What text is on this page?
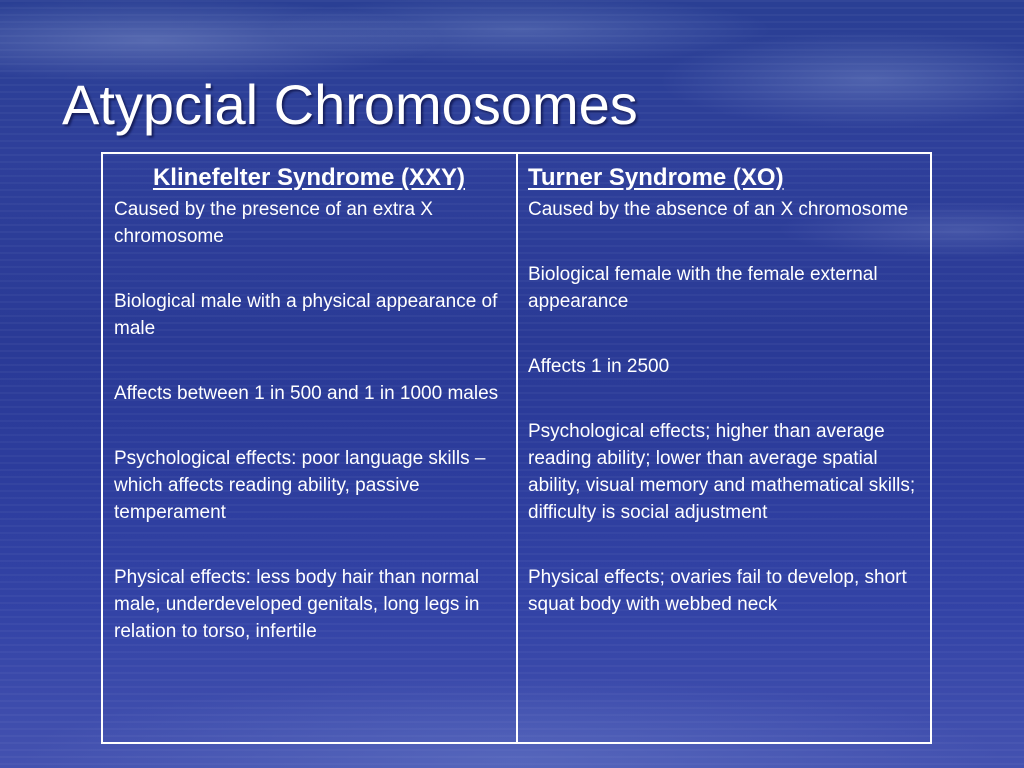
Atypcial Chromosomes
Klinefelter Syndrome (XXY)

Caused by the presence of an extra X chromosome

Biological male with a physical appearance of male

Affects between 1 in 500 and 1 in 1000 males

Psychological effects: poor language skills – which affects reading ability, passive temperament

Physical effects: less body hair than normal male, underdeveloped genitals, long legs in relation to torso, infertile

Turner Syndrome (XO)

Caused by the absence of an X chromosome

Biological female with the female external appearance

Affects 1 in 2500

Psychological effects; higher than average reading ability; lower than average spatial ability, visual memory and mathematical skills; difficulty is social adjustment

Physical effects; ovaries fail to develop, short squat body with webbed neck
